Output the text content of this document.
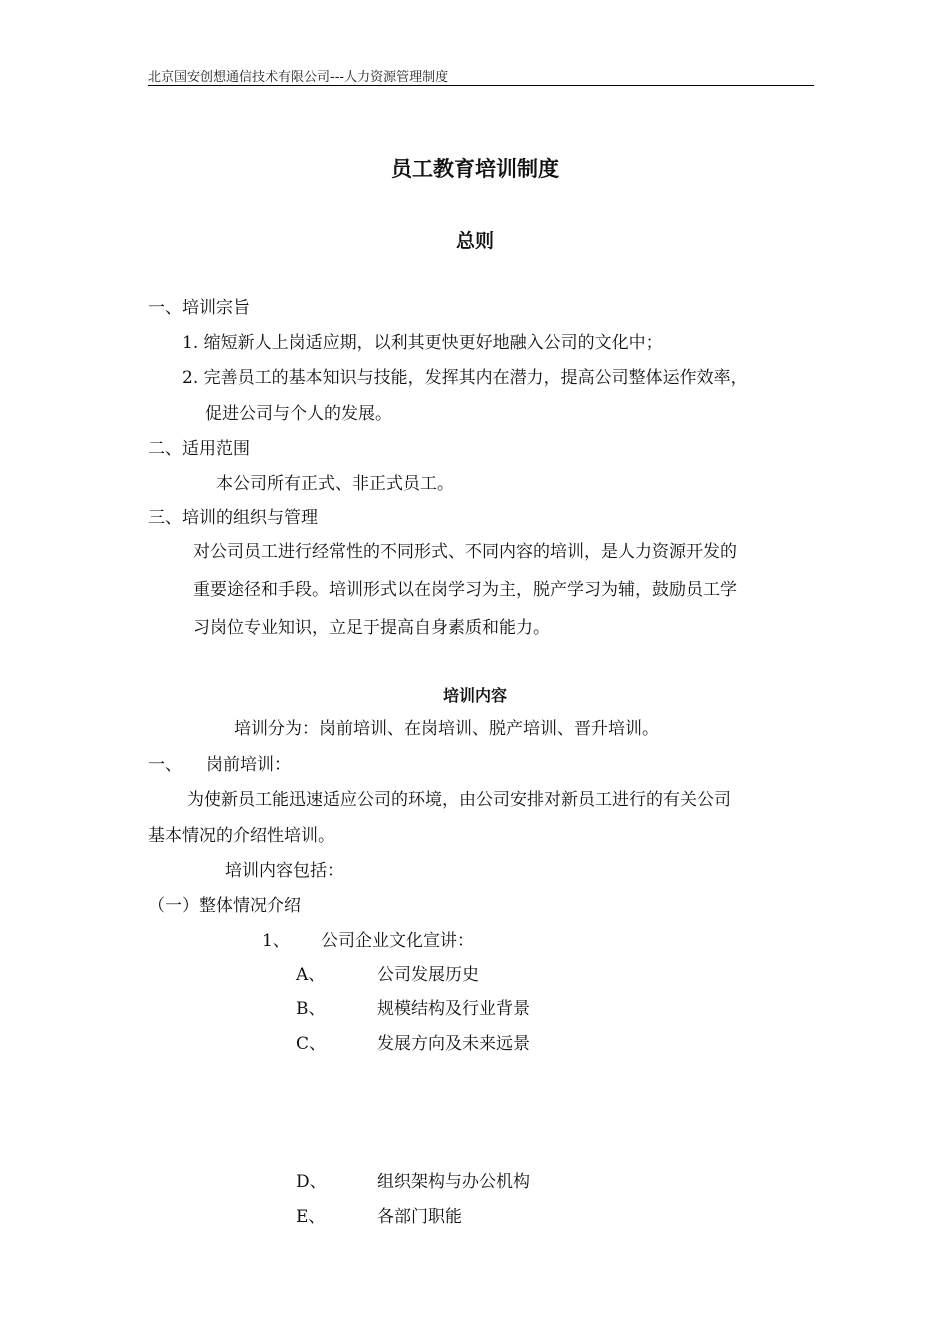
北京国安创想通信技术有限公司---人力资源管理制度
员工教育培训制度
总则
一、培训宗旨
1. 缩短新人上岗适应期，以利其更快更好地融入公司的文化中；
2. 完善员工的基本知识与技能，发挥其内在潜力，提高公司整体运作效率，
促进公司与个人的发展。
二、适用范围
本公司所有正式、非正式员工。
三、培训的组织与管理
对公司员工进行经常性的不同形式、不同内容的培训，是人力资源开发的
重要途径和手段。培训形式以在岗学习为主，脱产学习为辅，鼓励员工学
习岗位专业知识，立足于提高自身素质和能力。
培训内容
培训分为：岗前培训、在岗培训、脱产培训、晋升培训。
一、 岗前培训：
为使新员工能迅速适应公司的环境，由公司安排对新员工进行的有关公司
基本情况的介绍性培训。
培训内容包括：
（一）整体情况介绍
1、 公司企业文化宣讲：
A、	公司发展历史
B、	规模结构及行业背景
C、	发展方向及未来远景
D、	组织架构与办公机构
E、	各部门职能
